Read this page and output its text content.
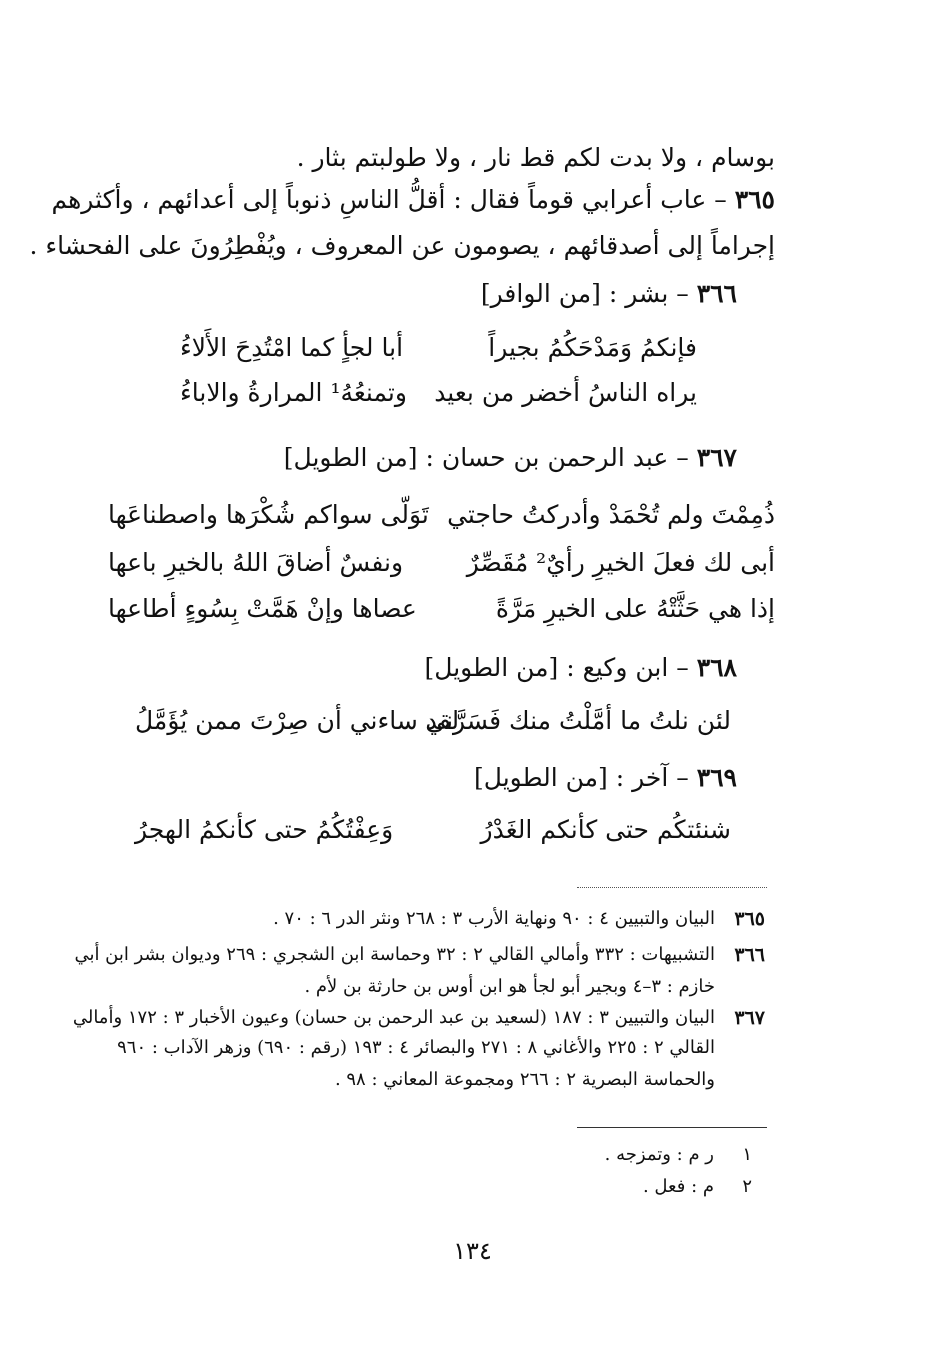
بوسام ، ولا بدت لكم قط نار ، ولا طولبتم بثار .
٣٦٥ – عاب أعرابي قوماً فقال : أقلُّ الناسِ ذنوباً إلى أعدائهم ، وأكثرهم
إجراماً إلى أصدقائهم ، يصومون عن المعروف ، ويُفْطِرُونَ على الفحشاء .
٣٦٦ – بشر : [من الوافر]
فإنكمُ وَمَدْحَكُمُ بجيراً
أبا لجأٍ كما امْتُدِحَ الأَلاءُ
يراه الناسُ أخضر من بعيد
وتمنعُهُ¹ المرارةُ والاباءُ
٣٦٧ – عبد الرحمن بن حسان : [من الطويل]
ذُمِمْتَ ولم تُحْمَدْ وأدركتُ حاجتي
تَوَلّى سواكم شُكْرَها واصطناعَها
أبى لك فعلَ الخيرِ رأيٌ² مُقَصِّرٌ
ونفسٌ أضاقَ اللهُ بالخيرِ باعها
إذا هي حَثَّتْهُ على الخيرِ مَرَّةً
عصاها وإنْ هَمَّتْ بِسُوءٍ أطاعها
٣٦٨ – ابن وكيع : [من الطويل]
لئن نلتُ ما أمَّلْتُ منك فَسَرَّني
لقد ساءني أن صِرْتَ ممن يُؤَمَّلُ
٣٦٩ – آخر : [من الطويل]
شنئتكُم حتى كأنكم الغَدْرُ
وَعِفْتُكُمُ حتى كأنكمُ الهجرُ
٣٦٥
البيان والتبيين ٤ : ٩٠ ونهاية الأرب ٣ : ٢٦٨ ونثر الدر ٦ : ٧٠ .
٣٦٦
التشبيهات : ٣٣٢ وأمالي القالي ٢ : ٣٢ وحماسة ابن الشجري : ٢٦٩ وديوان بشر ابن أبي
خازم : ٣–٤ وبجير أبو لجأ هو ابن أوس بن حارثة بن لأم .
٣٦٧
البيان والتبيين ٣ : ١٨٧ (لسعيد بن عبد الرحمن بن حسان) وعيون الأخبار ٣ : ١٧٢ وأمالي
القالي ٢ : ٢٢٥ والأغاني ٨ : ٢٧١ والبصائر ٤ : ١٩٣ (رقم : ٦٩٠) وزهر الآداب : ٩٦٠
والحماسة البصرية ٢ : ٢٦٦ ومجموعة المعاني : ٩٨ .
١
ر م : وتمزجه .
٢
م : فعل .
١٣٤
